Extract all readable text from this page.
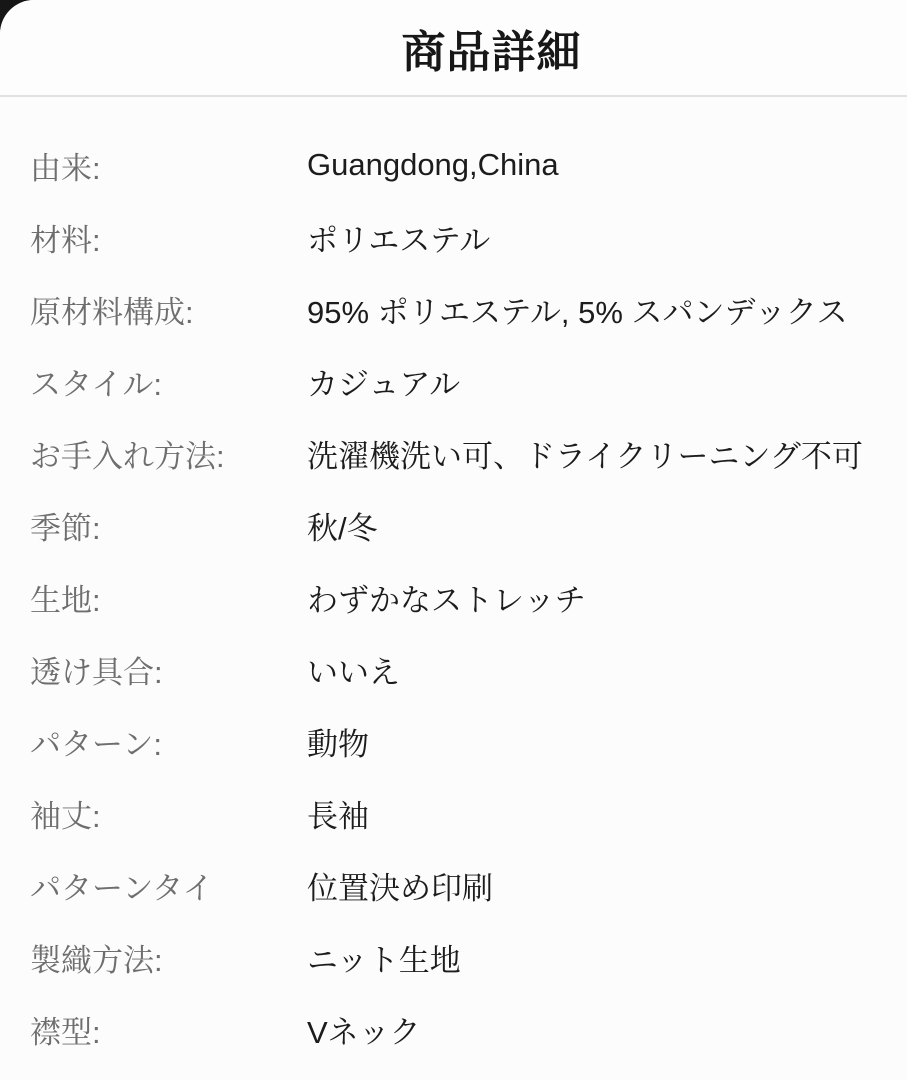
商品詳細
由来:	Guangdong,China
材料:	ポリエステル
原材料構成:	95% ポリエステル, 5% スパンデックス
スタイル:	カジュアル
お手入れ方法:	洗濯機洗い可、ドライクリーニング不可
季節:	秋/冬
生地:	わずかなストレッチ
透け具合:	いいえ
パターン:	動物
袖丈:	長袖
パターンタイ	位置決め印刷
製織方法:	ニット生地
襟型:	Vネック
